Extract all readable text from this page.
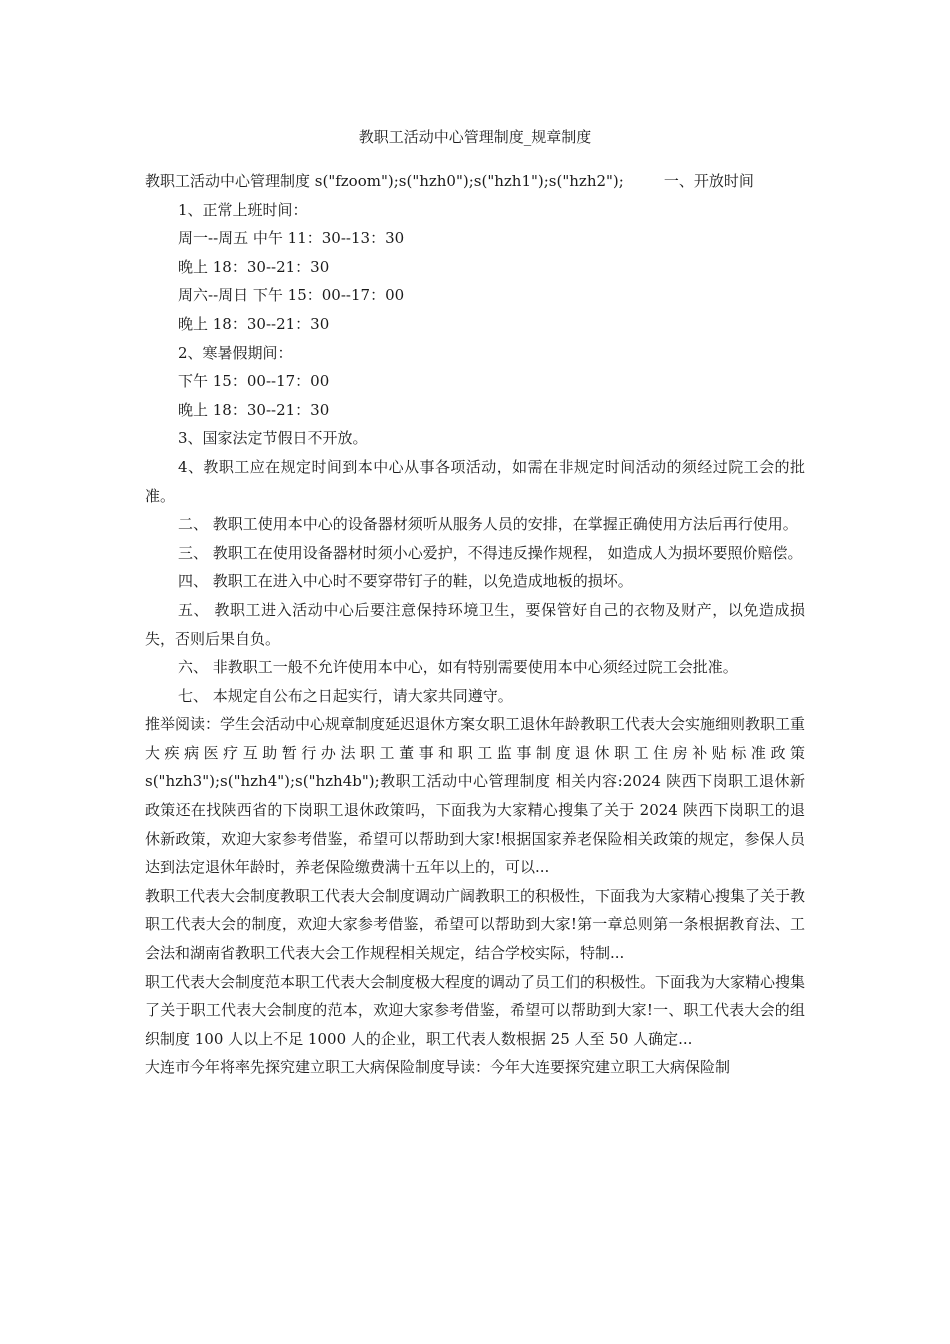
教职工活动中心管理制度_规章制度

教职工活动中心管理制度 s("fzoom");s("hzh0");s("hzh1");s("hzh2");	一、开放时间

1、正常上班时间：

周一--周五 中午 11：30--13：30

晚上 18：30--21：30

周六--周日 下午 15：00--17：00

晚上 18：30--21：30

2、寒暑假期间：

下午 15：00--17：00

晚上 18：30--21：30

3、国家法定节假日不开放。

4、教职工应在规定时间到本中心从事各项活动，如需在非规定时间活动的须经过院工会的批准。

二、 教职工使用本中心的设备器材须听从服务人员的安排，在掌握正确使用方法后再行使用。

三、 教职工在使用设备器材时须小心爱护，不得违反操作规程， 如造成人为损坏要照价赔偿。

四、 教职工在进入中心时不要穿带钉子的鞋，以免造成地板的损坏。

五、 教职工进入活动中心后要注意保持环境卫生，要保管好自己的衣物及财产，以免造成损失，否则后果自负。

六、 非教职工一般不允许使用本中心，如有特别需要使用本中心须经过院工会批准。

七、 本规定自公布之日起实行，请大家共同遵守。

推举阅读：学生会活动中心规章制度延迟退休方案女职工退休年龄教职工代表大会实施细则教职工重大疾病医疗互助暂行办法职工董事和职工监事制度退休职工住房补贴标准政策 s("hzh3");s("hzh4");s("hzh4b");教职工活动中心管理制度 相关内容:2024 陕西下岗职工退休新政策还在找陕西省的下岗职工退休政策吗，下面我为大家精心搜集了关于 2024 陕西下岗职工的退休新政策，欢迎大家参考借鉴，希望可以帮助到大家!根据国家养老保险相关政策的规定，参保人员达到法定退休年龄时，养老保险缴费满十五年以上的，可以...

教职工代表大会制度教职工代表大会制度调动广阔教职工的积极性，下面我为大家精心搜集了关于教职工代表大会的制度，欢迎大家参考借鉴，希望可以帮助到大家!第一章总则第一条根据教育法、工会法和湖南省教职工代表大会工作规程相关规定，结合学校实际，特制...

职工代表大会制度范本职工代表大会制度极大程度的调动了员工们的积极性。下面我为大家精心搜集了关于职工代表大会制度的范本，欢迎大家参考借鉴，希望可以帮助到大家!一、职工代表大会的组织制度 100 人以上不足 1000 人的企业，职工代表人数根据 25 人至 50 人确定...

大连市今年将率先探究建立职工大病保险制度导读：今年大连要探究建立职工大病保险制
